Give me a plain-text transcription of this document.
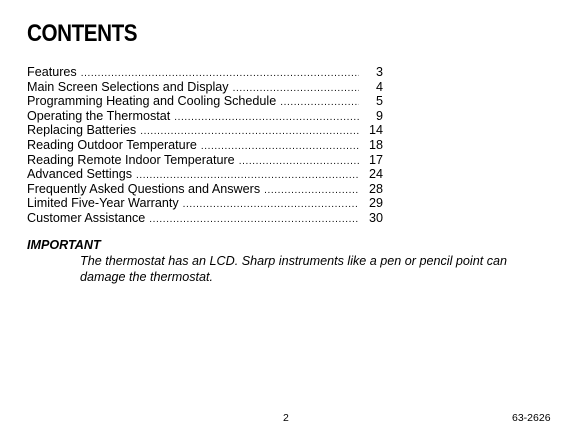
CONTENTS
Features .....	3
Main Screen Selections and Display .....	4
Programming Heating and Cooling Schedule .....	5
Operating the Thermostat .....	9
Replacing Batteries .....	14
Reading Outdoor Temperature .....	18
Reading Remote Indoor Temperature .....	17
Advanced Settings .....	24
Frequently Asked Questions and Answers .....	28
Limited Five-Year Warranty .....	29
Customer Assistance .....	30

IMPORTANT

The thermostat has an LCD. Sharp instruments like a pen or pencil point can damage the thermostat.

2	63-2626
